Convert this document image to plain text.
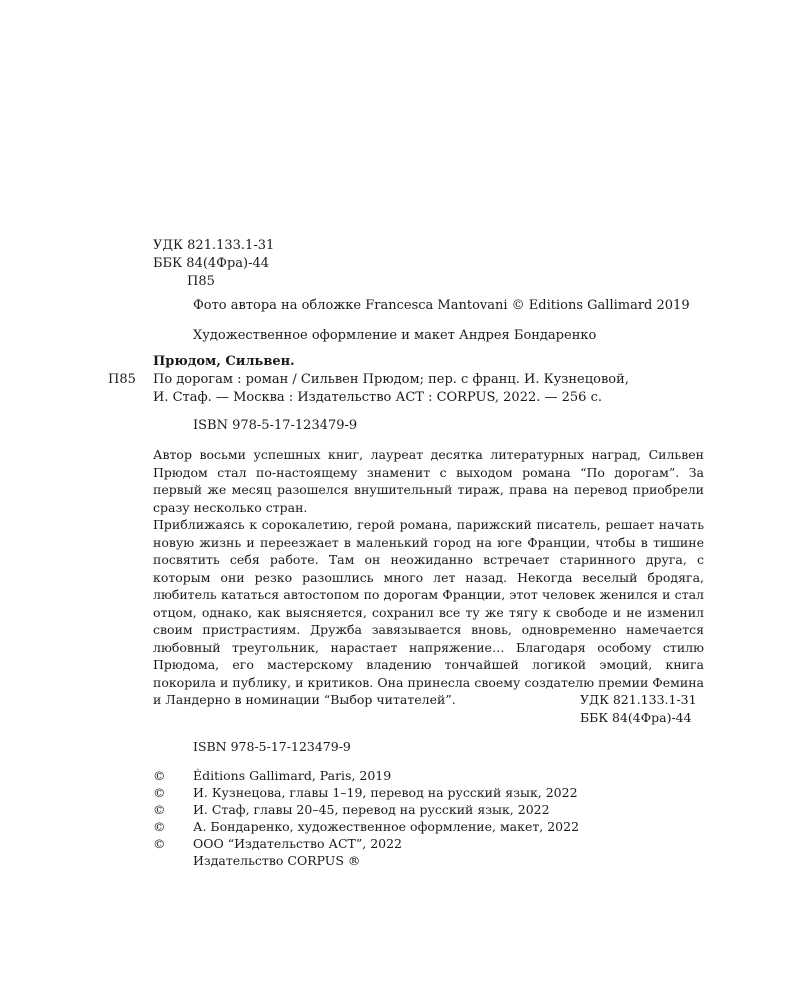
УДК 821.133.1-31
ББК 84(4Фра)-44
П85
Фото автора на обложке Francesca Mantovani © Editions Gallimard 2019
Художественное оформление и макет Андрея Бондаренко
Прюдом, Сильвен.
По дорогам : роман / Сильвен Прюдом; пер. с франц. И. Кузнецовой,
И. Стаф. — Москва : Издательство АСТ : CORPUS, 2022. — 256 с.
П85
ISBN 978-5-17-123479-9

Автор восьми успешных книг, лауреат десятка литературных наград, Сильвен Прюдом стал по-настоящему знаменит с выходом романа “По дорогам”. За первый же месяц разошелся внушительный тираж, права на перевод приобрели сразу несколько стран.

Приближаясь к сорокалетию, герой романа, парижский писатель, решает начать новую жизнь и переезжает в маленький город на юге Франции, чтобы в тишине посвятить себя работе. Там он неожиданно встречает старинного друга, с которым они резко разошлись много лет назад. Некогда веселый бродяга, любитель кататься автостопом по дорогам Франции, этот человек женился и стал отцом, однако, как выясняется, сохранил все ту же тягу к свободе и не изменил своим пристрастиям. Дружба завязывается вновь, одновременно намечается любовный треугольник, нарастает напряжение… Благодаря особому стилю Прюдома, его мастерскому владению тончайшей логикой эмоций, книга покорила и публику, и критиков. Она принесла своему создателю премии Фемина и Ландерно в номинации “Выбор читателей”.	УДК 821.133.1-31
ББК 84(4Фра)-44
ISBN 978-5-17-123479-9
©	Éditions Gallimard, Paris, 2019
©	И. Кузнецова, главы 1–19, перевод на русский язык, 2022
©	И. Стаф, главы 20–45, перевод на русский язык, 2022
©	А. Бондаренко, художественное оформление, макет, 2022
©	ООО “Издательство АСТ”, 2022
Издательство CORPUS ®
